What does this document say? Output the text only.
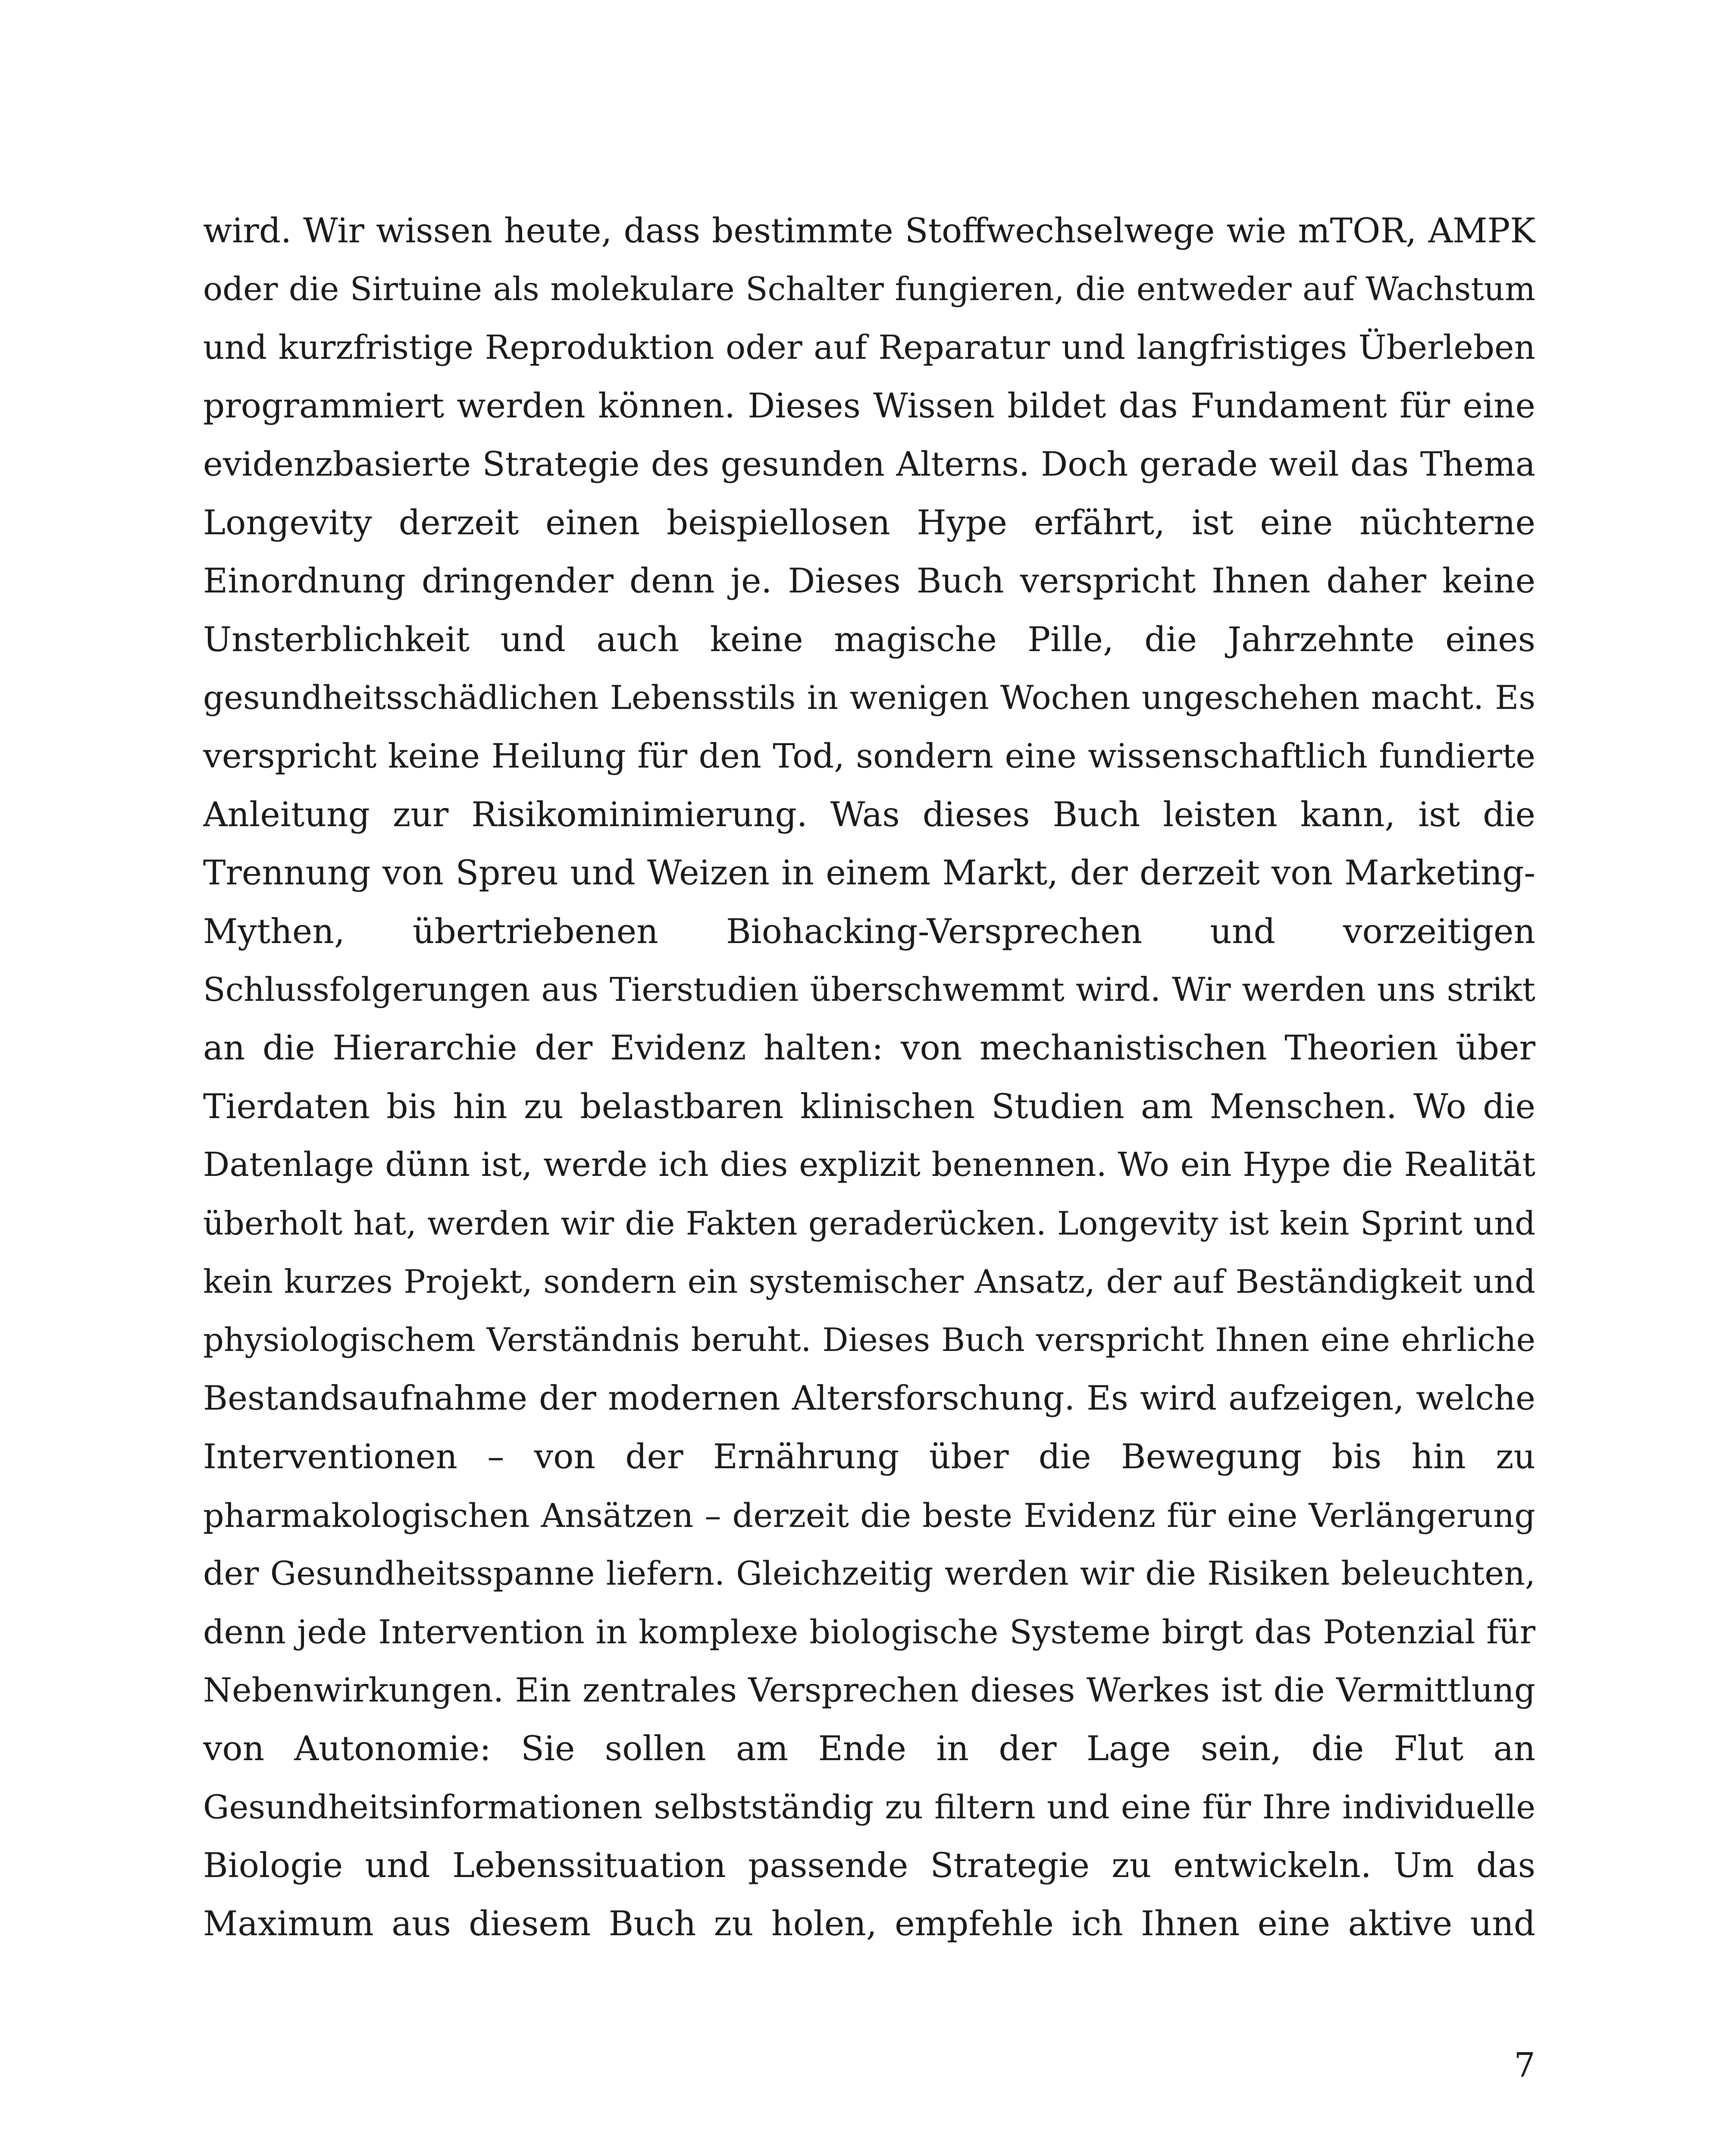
wird. Wir wissen heute, dass bestimmte Stoffwechselwege wie mTOR, AMPK
oder die Sirtuine als molekulare Schalter fungieren, die entweder auf Wachstum
und kurzfristige Reproduktion oder auf Reparatur und langfristiges Überleben
programmiert werden können. Dieses Wissen bildet das Fundament für eine
evidenzbasierte Strategie des gesunden Alterns. Doch gerade weil das Thema
Longevity derzeit einen beispiellosen Hype erfährt, ist eine nüchterne
Einordnung dringender denn je. Dieses Buch verspricht Ihnen daher keine
Unsterblichkeit und auch keine magische Pille, die Jahrzehnte eines
gesundheitsschädlichen Lebensstils in wenigen Wochen ungeschehen macht. Es
verspricht keine Heilung für den Tod, sondern eine wissenschaftlich fundierte
Anleitung zur Risikominimierung. Was dieses Buch leisten kann, ist die
Trennung von Spreu und Weizen in einem Markt, der derzeit von Marketing-
Mythen, übertriebenen Biohacking-Versprechen und vorzeitigen
Schlussfolgerungen aus Tierstudien überschwemmt wird. Wir werden uns strikt
an die Hierarchie der Evidenz halten: von mechanistischen Theorien über
Tierdaten bis hin zu belastbaren klinischen Studien am Menschen. Wo die
Datenlage dünn ist, werde ich dies explizit benennen. Wo ein Hype die Realität
überholt hat, werden wir die Fakten geraderücken. Longevity ist kein Sprint und
kein kurzes Projekt, sondern ein systemischer Ansatz, der auf Beständigkeit und
physiologischem Verständnis beruht. Dieses Buch verspricht Ihnen eine ehrliche
Bestandsaufnahme der modernen Altersforschung. Es wird aufzeigen, welche
Interventionen – von der Ernährung über die Bewegung bis hin zu
pharmakologischen Ansätzen – derzeit die beste Evidenz für eine Verlängerung
der Gesundheitsspanne liefern. Gleichzeitig werden wir die Risiken beleuchten,
denn jede Intervention in komplexe biologische Systeme birgt das Potenzial für
Nebenwirkungen. Ein zentrales Versprechen dieses Werkes ist die Vermittlung
von Autonomie: Sie sollen am Ende in der Lage sein, die Flut an
Gesundheitsinformationen selbstständig zu filtern und eine für Ihre individuelle
Biologie und Lebenssituation passende Strategie zu entwickeln. Um das
Maximum aus diesem Buch zu holen, empfehle ich Ihnen eine aktive und
7
